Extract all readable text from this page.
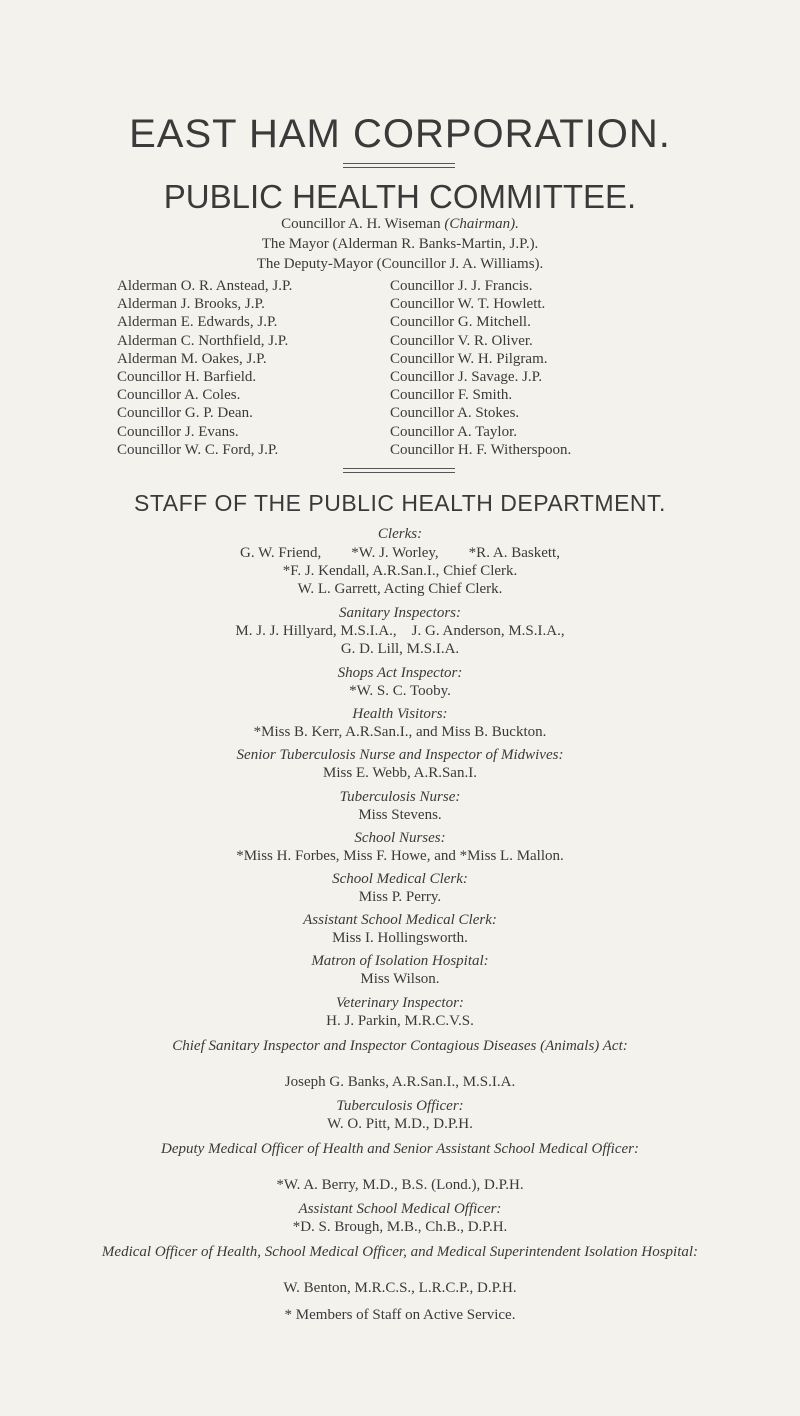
EAST HAM CORPORATION.
PUBLIC HEALTH COMMITTEE.
Councillor A. H. Wiseman (Chairman).
The Mayor (Alderman R. Banks-Martin, J.P.).
The Deputy-Mayor (Councillor J. A. Williams).
Alderman O. R. Anstead, J.P.	Councillor J. J. Francis.
Alderman J. Brooks, J.P.	Councillor W. T. Howlett.
Alderman E. Edwards, J.P.	Councillor G. Mitchell.
Alderman C. Northfield, J.P.	Councillor V. R. Oliver.
Alderman M. Oakes, J.P.	Councillor W. H. Pilgram.
Councillor H. Barfield.	Councillor J. Savage. J.P.
Councillor A. Coles.	Councillor F. Smith.
Councillor G. P. Dean.	Councillor A. Stokes.
Councillor J. Evans.	Councillor A. Taylor.
Councillor W. C. Ford, J.P.	Councillor H. F. Witherspoon.
STAFF OF THE PUBLIC HEALTH DEPARTMENT.
Clerks:
G. W. Friend,        *W. J. Worley,        *R. A. Baskett,
*F. J. Kendall, A.R.San.I., Chief Clerk.
W. L. Garrett, Acting Chief Clerk.
Sanitary Inspectors:
M. J. J. Hillyard, M.S.I.A.,    J. G. Anderson, M.S.I.A.,
G. D. Lill, M.S.I.A.
Shops Act Inspector:
*W. S. C. Tooby.
Health Visitors:
*Miss B. Kerr, A.R.San.I., and Miss B. Buckton.
Senior Tuberculosis Nurse and Inspector of Midwives:
Miss E. Webb, A.R.San.I.
Tuberculosis Nurse:
Miss Stevens.
School Nurses:
*Miss H. Forbes, Miss F. Howe, and *Miss L. Mallon.
School Medical Clerk:
Miss P. Perry.
Assistant School Medical Clerk:
Miss I. Hollingsworth.
Matron of Isolation Hospital:
Miss Wilson.
Veterinary Inspector:
H. J. Parkin, M.R.C.V.S.
Chief Sanitary Inspector and Inspector Contagious Diseases (Animals) Act:
Joseph G. Banks, A.R.San.I., M.S.I.A.
Tuberculosis Officer:
W. O. Pitt, M.D., D.P.H.
Deputy Medical Officer of Health and Senior Assistant School Medical Officer:
*W. A. Berry, M.D., B.S. (Lond.), D.P.H.
Assistant School Medical Officer:
*D. S. Brough, M.B., Ch.B., D.P.H.
Medical Officer of Health, School Medical Officer, and Medical Superintendent Isolation Hospital:
W. Benton, M.R.C.S., L.R.C.P., D.P.H.
* Members of Staff on Active Service.
